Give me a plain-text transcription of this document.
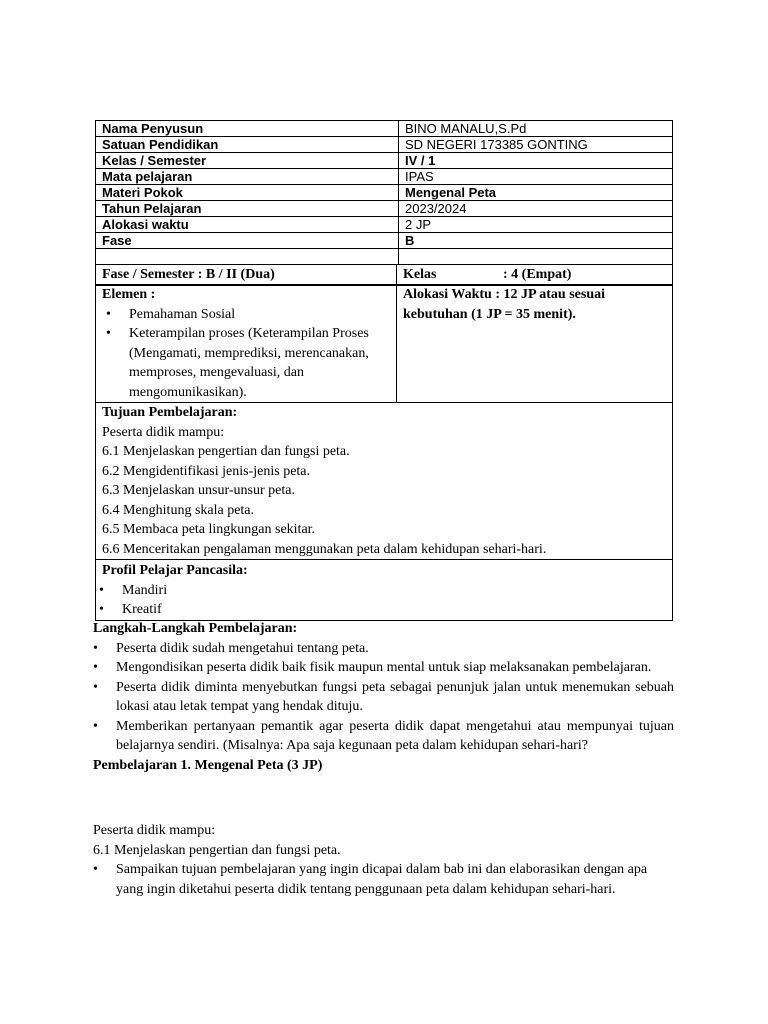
Nama Penyusun	BINO MANALU,S.Pd
Satuan Pendidikan	SD NEGERI 173385 GONTING
Kelas / Semester	IV / 1
Mata pelajaran	IPAS
Materi Pokok	Mengenal Peta
Tahun Pelajaran	2023/2024
Alokasi waktu	2 JP
Fase	B

Fase / Semester : B / II (Dua)	Kelas	: 4 (Empat)
Elemen :
• Pemahaman Sosial
• Keterampilan proses (Keterampilan Proses (Mengamati, memprediksi, merencanakan, memproses, mengevaluasi, dan mengomunikasikan).
Alokasi Waktu : 12 JP atau sesuai kebutuhan (1 JP = 35 menit).
Tujuan Pembelajaran:
Peserta didik mampu:
6.1 Menjelaskan pengertian dan fungsi peta.
6.2 Mengidentifikasi jenis-jenis peta.
6.3 Menjelaskan unsur-unsur peta.
6.4 Menghitung skala peta.
6.5 Membaca peta lingkungan sekitar.
6.6 Menceritakan pengalaman menggunakan peta dalam kehidupan sehari-hari.
Profil Pelajar Pancasila:
• Mandiri
• Kreatif
Langkah-Langkah Pembelajaran:
• Peserta didik sudah mengetahui tentang peta.
• Mengondisikan peserta didik baik fisik maupun mental untuk siap melaksanakan pembelajaran.
• Peserta didik diminta menyebutkan fungsi peta sebagai penunjuk jalan untuk menemukan sebuah lokasi atau letak tempat yang hendak dituju.
• Memberikan pertanyaan pemantik agar peserta didik dapat mengetahui atau mempunyai tujuan belajarnya sendiri. (Misalnya: Apa saja kegunaan peta dalam kehidupan sehari-hari?
Pembelajaran 1. Mengenal Peta (3 JP)
Peserta didik mampu:
6.1 Menjelaskan pengertian dan fungsi peta.
• Sampaikan tujuan pembelajaran yang ingin dicapai dalam bab ini dan elaborasikan dengan apa yang ingin diketahui peserta didik tentang penggunaan peta dalam kehidupan sehari-hari.
